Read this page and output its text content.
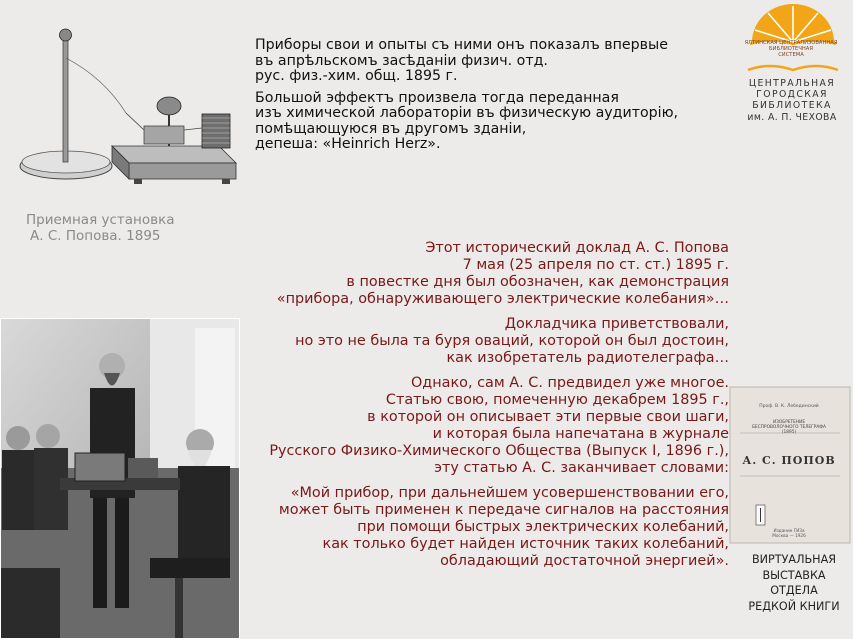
Приемная установка
А. С. Попова. 1895

Приборы свои и опыты съ ними онъ показалъ впервые
въ апрѣльскомъ засѣданіи физич. отд.
рус. физ.-хим. общ. 1895 г.

Большой эффектъ произвела тогда переданная
изъ химической лабораторіи въ физическую аудиторію,
помѣщающуюся въ другомъ зданіи,
депеша: «Heinrich Herz».

ЯЛТИНСКАЯ ЦЕНТРАЛИЗОВАННАЯ
БИБЛИОТЕЧНАЯ
СИСТЕМА
ЦЕНТРАЛЬНАЯ
ГОРОДСКАЯ
БИБЛИОТЕКА
им. А. П. ЧЕХОВА

Этот исторический доклад А. С. Попова
7 мая (25 апреля по ст. ст.) 1895 г.
в повестке дня был обозначен, как демонстрация
«прибора, обнаруживающего электрические колебания»…

Докладчика приветствовали,
но это не была та буря оваций, которой он был достоин,
как изобретатель радиотелеграфа…

Однако, сам А. С. предвидел уже многое.
Статью свою, помеченную декабрем 1895 г.,
в которой он описывает эти первые свои шаги,
и которая была напечатана в журнале
Русского Физико-Химического Общества (Выпуск I, 1896 г.),
эту статью А. С. заканчивает словами:

«Мой прибор, при дальнейшем усовершенствовании его,
может быть применен к передаче сигналов на расстояния
при помощи быстрых электрических колебаний,
как только будет найден источник таких колебаний,
обладающий достаточной энергией».

Проф. В. К. Лебединский
ИЗОБРЕТЕНИЕ
БЕСПРОВОЛОЧНОГО ТЕЛЕГРАФА
(1895)
А. С. ПОПОВ
Издание ГИЗа
Москва — 1926
ВИРТУАЛЬНАЯ
ВЫСТАВКА
ОТДЕЛА
РЕДКОЙ КНИГИ
